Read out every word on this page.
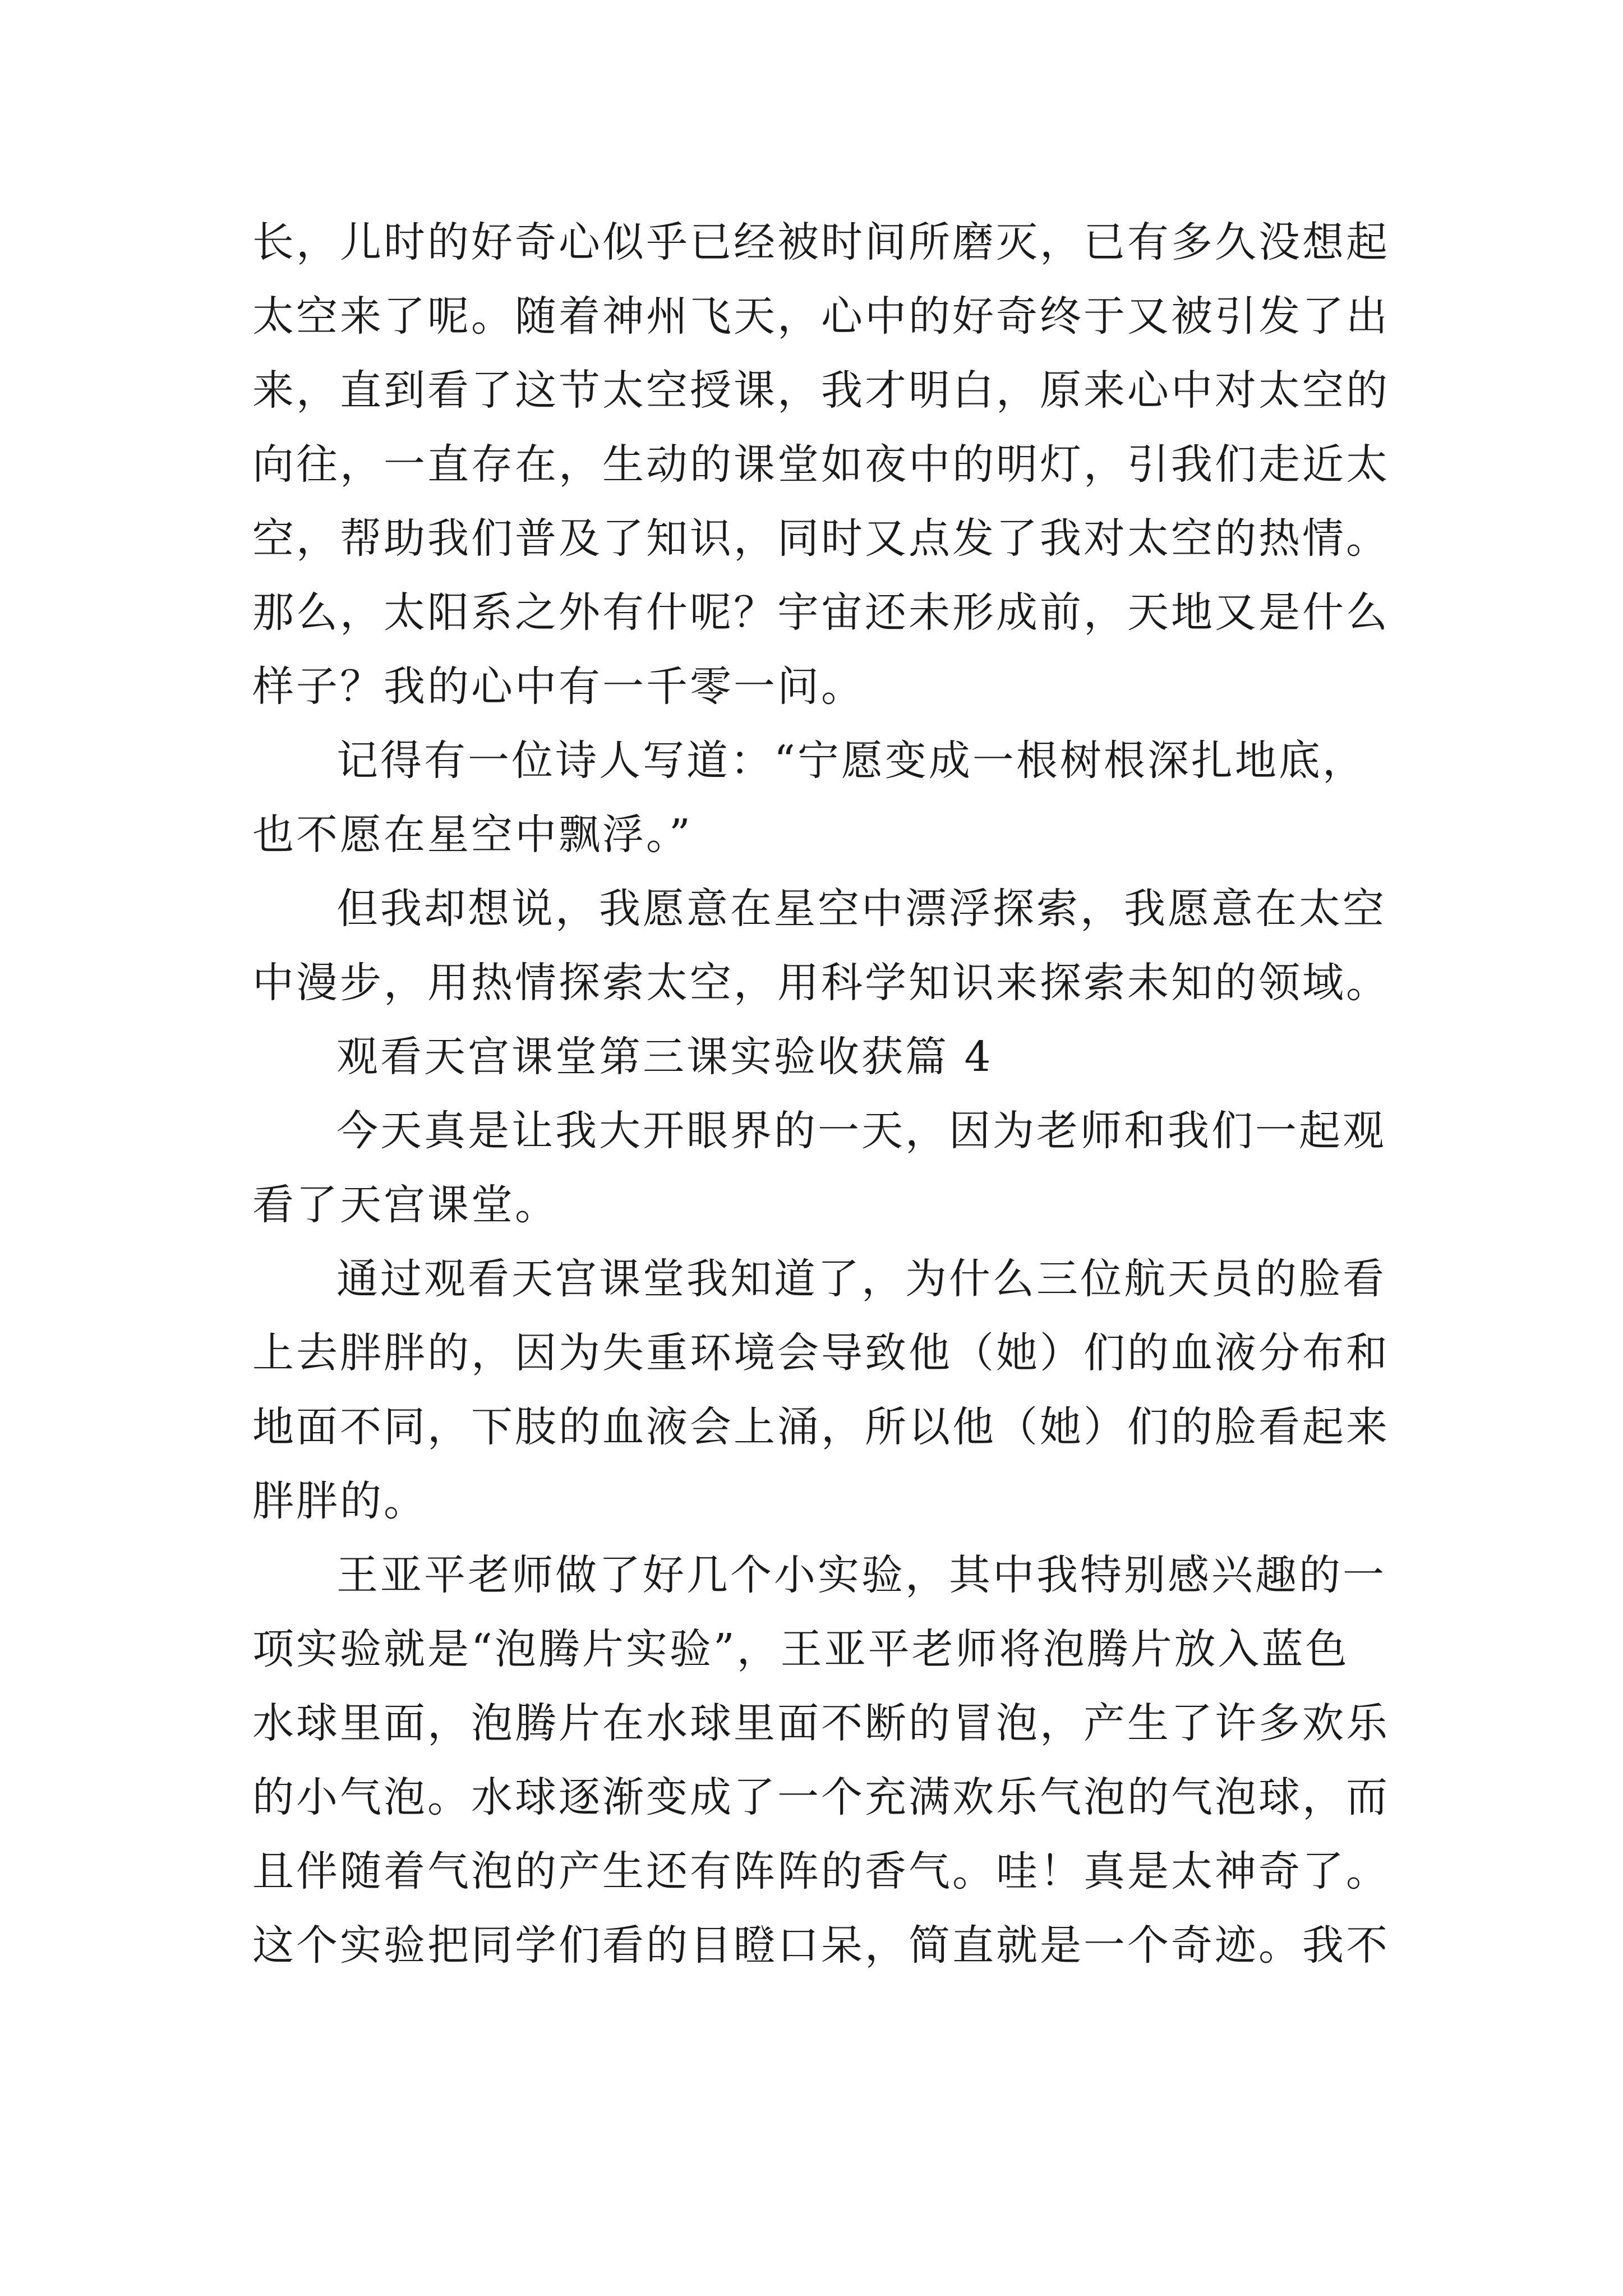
长，儿时的好奇心似乎已经被时间所磨灭，已有多久没想起
太空来了呢。随着神州飞天，心中的好奇终于又被引发了出
来，直到看了这节太空授课，我才明白，原来心中对太空的
向往，一直存在，生动的课堂如夜中的明灯，引我们走近太
空，帮助我们普及了知识，同时又点发了我对太空的热情。
那么，太阳系之外有什呢？宇宙还未形成前，天地又是什么
样子？我的心中有一千零一问。
记得有一位诗人写道：“宁愿变成一根树根深扎地底，
也不愿在星空中飘浮。”
但我却想说，我愿意在星空中漂浮探索，我愿意在太空
中漫步，用热情探索太空，用科学知识来探索未知的领域。
观看天宫课堂第三课实验收获篇 4
今天真是让我大开眼界的一天，因为老师和我们一起观
看了天宫课堂。
通过观看天宫课堂我知道了，为什么三位航天员的脸看
上去胖胖的，因为失重环境会导致他（她）们的血液分布和
地面不同，下肢的血液会上涌，所以他（她）们的脸看起来
胖胖的。
王亚平老师做了好几个小实验，其中我特别感兴趣的一
项实验就是“泡腾片实验”，王亚平老师将泡腾片放入蓝色
水球里面，泡腾片在水球里面不断的冒泡，产生了许多欢乐
的小气泡。水球逐渐变成了一个充满欢乐气泡的气泡球，而
且伴随着气泡的产生还有阵阵的香气。哇！真是太神奇了。
这个实验把同学们看的目瞪口呆，简直就是一个奇迹。我不
